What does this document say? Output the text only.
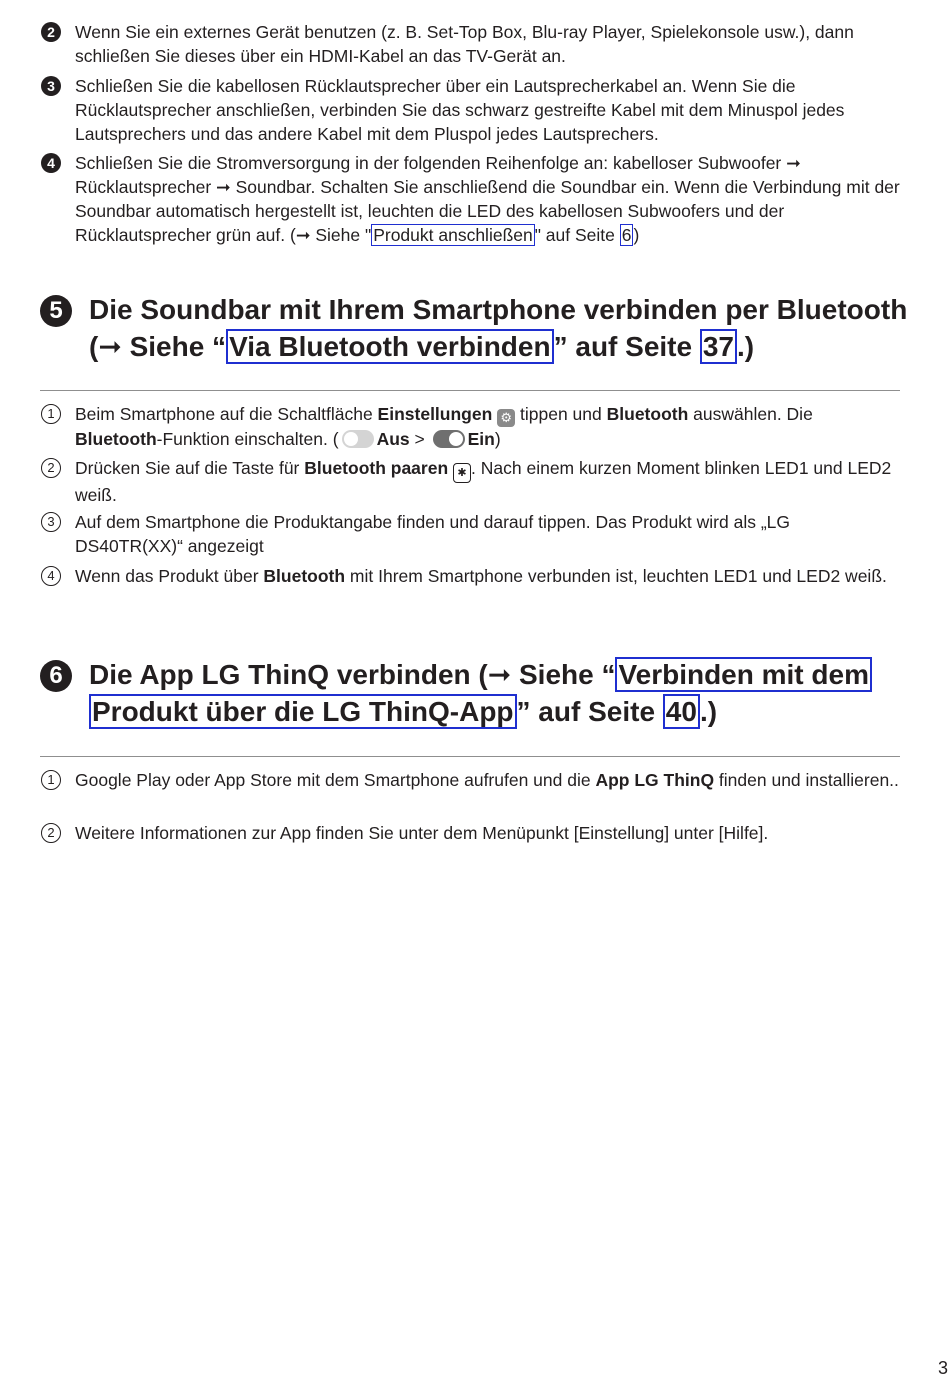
2	Wenn Sie ein externes Gerät benutzen (z. B. Set-Top Box, Blu-ray Player, Spielekonsole usw.), dann schließen Sie dieses über ein HDMI-Kabel an das TV-Gerät an.
3	Schließen Sie die kabellosen Rücklautsprecher über ein Lautsprecherkabel an. Wenn Sie die Rücklautsprecher anschließen, verbinden Sie das schwarz gestreifte Kabel mit dem Minuspol jedes Lautsprechers und das andere Kabel mit dem Pluspol jedes Lautsprechers.
4	Schließen Sie die Stromversorgung in der folgenden Reihenfolge an: kabelloser Subwoofer ➞ Rücklautsprecher ➞ Soundbar. Schalten Sie anschließend die Soundbar ein. Wenn die Verbindung mit der Soundbar automatisch hergestellt ist, leuchten die LED des kabellosen Subwoofers und der Rücklautsprecher grün auf. (➞ Siehe " Produkt anschließen " auf Seite 6 )
5 Die Soundbar mit Ihrem Smartphone verbinden per Bluetooth
(➞ Siehe “ Via Bluetooth verbinden ” auf Seite 37 .)
1	Beim Smartphone auf die Schaltfläche Einstellungen ⚙ tippen und Bluetooth auswählen. Die Bluetooth-Funktion einschalten. ( Aus >
Ein)
2	Drücken Sie auf die Taste für Bluetooth paaren ✱ . Nach einem kurzen Moment blinken LED1 und LED2 weiß.
3	Auf dem Smartphone die Produktangabe finden und darauf tippen. Das Produkt wird als „LG DS40TR(XX)“ angezeigt
4	Wenn das Produkt über Bluetooth mit Ihrem Smartphone verbunden ist, leuchten LED1 und LED2 weiß.
6 Die App LG ThinQ verbinden (➞ Siehe “ Verbinden mit dem
Produkt über die LG ThinQ-App ” auf Seite 40 .)
1	Google Play oder App Store mit dem Smartphone aufrufen und die App LG ThinQ finden und installieren..
2	Weitere Informationen zur App finden Sie unter dem Menüpunkt [Einstellung] unter [Hilfe].
3
